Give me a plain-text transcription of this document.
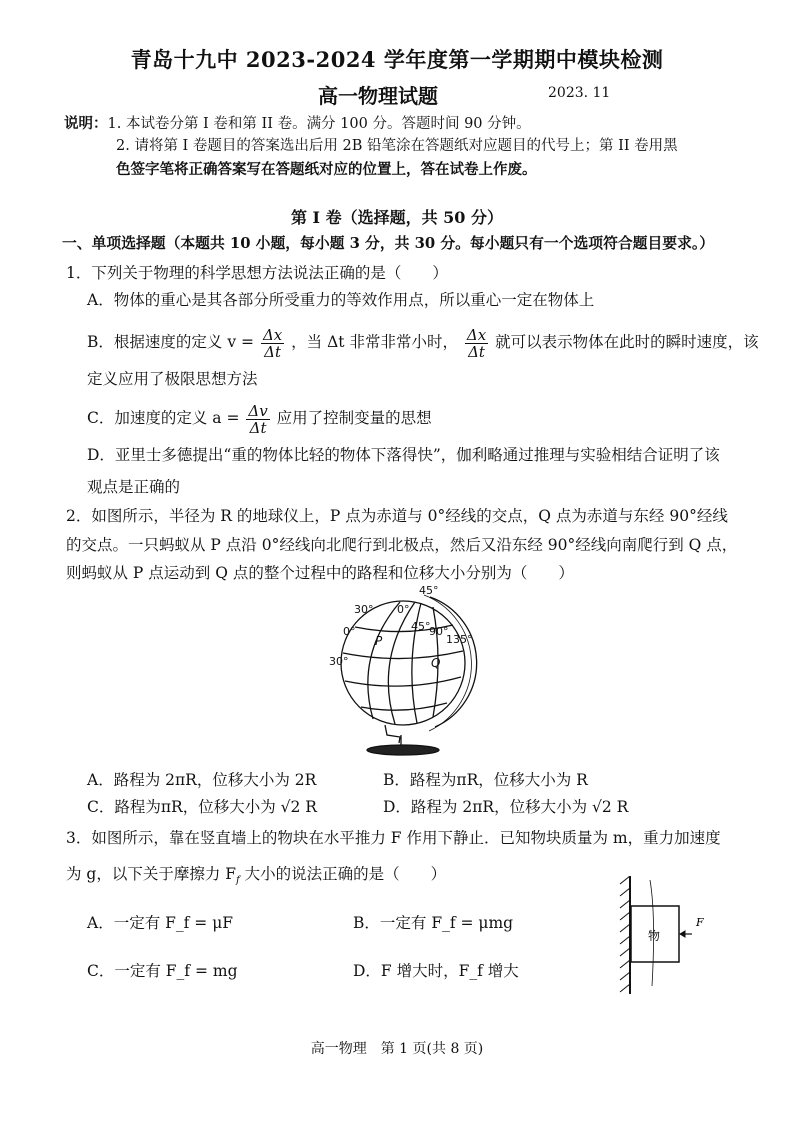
青岛十九中 2023-2024 学年度第一学期期中模块检测
高一物理试题	2023. 11
说明：1. 本试卷分第 I 卷和第 II 卷。满分 100 分。答题时间 90 分钟。
2. 请将第 I 卷题目的答案选出后用 2B 铅笔涂在答题纸对应题目的代号上；第 II 卷用黑
色签字笔将正确答案写在答题纸对应的位置上，答在试卷上作废。
第 I 卷（选择题，共 50 分）
一、单项选择题（本题共 10 小题，每小题 3 分，共 30 分。每小题只有一个选项符合题目要求。）
1．下列关于物理的科学思想方法说法正确的是（　　）
A．物体的重心是其各部分所受重力的等效作用点，所以重心一定在物体上
B．根据速度的定义 $v = \frac{\Delta x}{\Delta t}$ ，当 Δt 非常非常小时， $\frac{\Delta x}{\Delta t}$ 就可以表示物体在此时的瞬时速度，该
定义应用了极限思想方法
C．加速度的定义 $a = \frac{\Delta v}{\Delta t}$ 应用了控制变量的思想
D．亚里士多德提出“重的物体比轻的物体下落得快”，伽利略通过推理与实验相结合证明了该
观点是正确的
2．如图所示，半径为 R 的地球仪上，P 点为赤道与 0°经线的交点，Q 点为赤道与东经 90°经线
的交点。一只蚂蚁从 P 点沿 0°经线向北爬行到北极点，然后又沿东经 90°经线向南爬行到 Q 点，
则蚂蚁从 P 点运动到 Q 点的整个过程中的路程和位移大小分别为（　　）
45°
30° 0°
45°
90°
135°
0°
30°
P
Q
A．路程为 2πR，位移大小为 2R	B．路程为πR，位移大小为 R
C．路程为πR，位移大小为 √2 R	D．路程为 2πR，位移大小为 √2 R
3．如图所示，靠在竖直墙上的物块在水平推力 F 作用下静止．已知物块质量为 m，重力加速度
为 g，以下关于摩擦力 $F_f$ 大小的说法正确的是（　　）
A．一定有 F_f = μF	B．一定有 F_f = μmg
C．一定有 F_f = mg	D．F 增大时，F_f 增大
物
F
高一物理　第 1 页(共 8 页)
